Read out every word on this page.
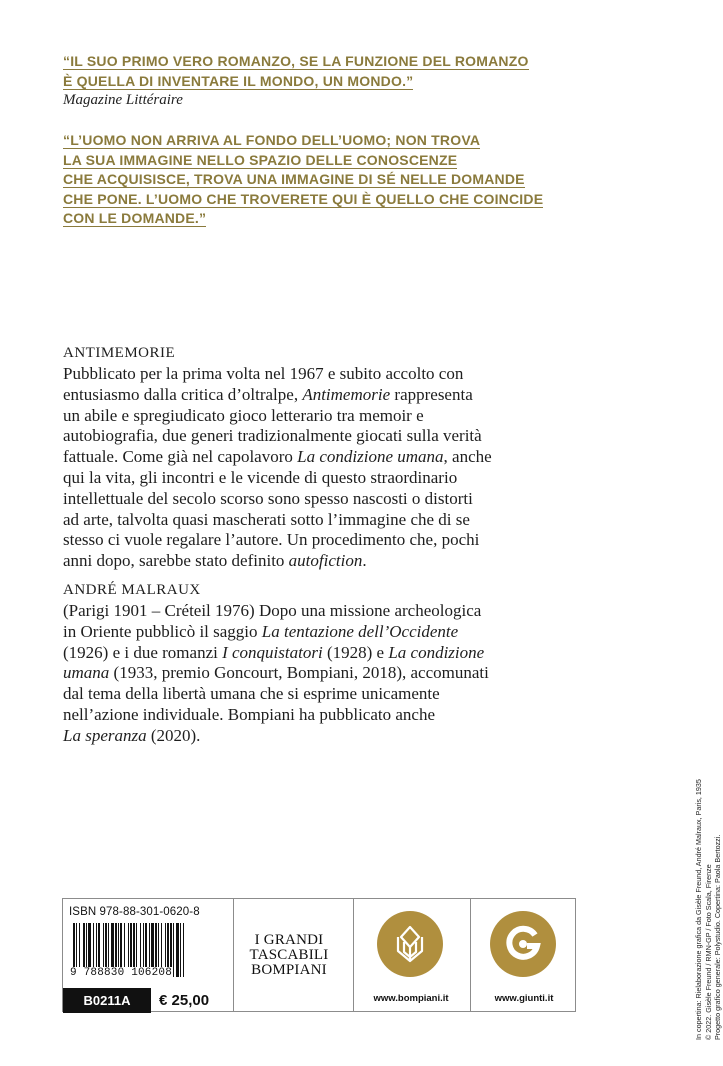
“IL SUO PRIMO VERO ROMANZO, SE LA FUNZIONE DEL ROMANZO
È QUELLA DI INVENTARE IL MONDO, UN MONDO.”
Magazine Littéraire
“L’UOMO NON ARRIVA AL FONDO DELL’UOMO; NON TROVA
LA SUA IMMAGINE NELLO SPAZIO DELLE CONOSCENZE
CHE ACQUISISCE, TROVA UNA IMMAGINE DI SÉ NELLE DOMANDE
CHE PONE. L’UOMO CHE TROVERETE QUI È QUELLO CHE COINCIDE
CON LE DOMANDE.”
ANTIMEMORIE
Pubblicato per la prima volta nel 1967 e subito accolto con
entusiasmo dalla critica d’oltralpe, Antimemorie rappresenta
un abile e spregiudicato gioco letterario tra memoir e
autobiografia, due generi tradizionalmente giocati sulla verità
fattuale. Come già nel capolavoro La condizione umana, anche
qui la vita, gli incontri e le vicende di questo straordinario
intellettuale del secolo scorso sono spesso nascosti o distorti
ad arte, talvolta quasi mascherati sotto l’immagine che di se
stesso ci vuole regalare l’autore. Un procedimento che, pochi
anni dopo, sarebbe stato definito autofiction.
ANDRÉ MALRAUX
(Parigi 1901 – Créteil 1976) Dopo una missione archeologica
in Oriente pubblicò il saggio La tentazione dell’Occidente
(1926) e i due romanzi I conquistatori (1928) e La condizione
umana (1933, premio Goncourt, Bompiani, 2018), accomunati
dal tema della libertà umana che si esprime unicamente
nell’azione individuale. Bompiani ha pubblicato anche
La speranza (2020).
ISBN 978-88-301-0620-8
9 788830 106208
B0211A	€ 25,00
I GRANDI
TASCABILI
BOMPIANI
www.bompiani.it	www.giunti.it	In copertina: Rielaborazione grafica da Gisèle Freund, André Malraux, Paris, 1935 © 2022. Gisèle Freund / RMN-GP / Foto Scala, Firenze Progetto grafico generale: Polystudio. Copertina: Paola Bertozzi.
